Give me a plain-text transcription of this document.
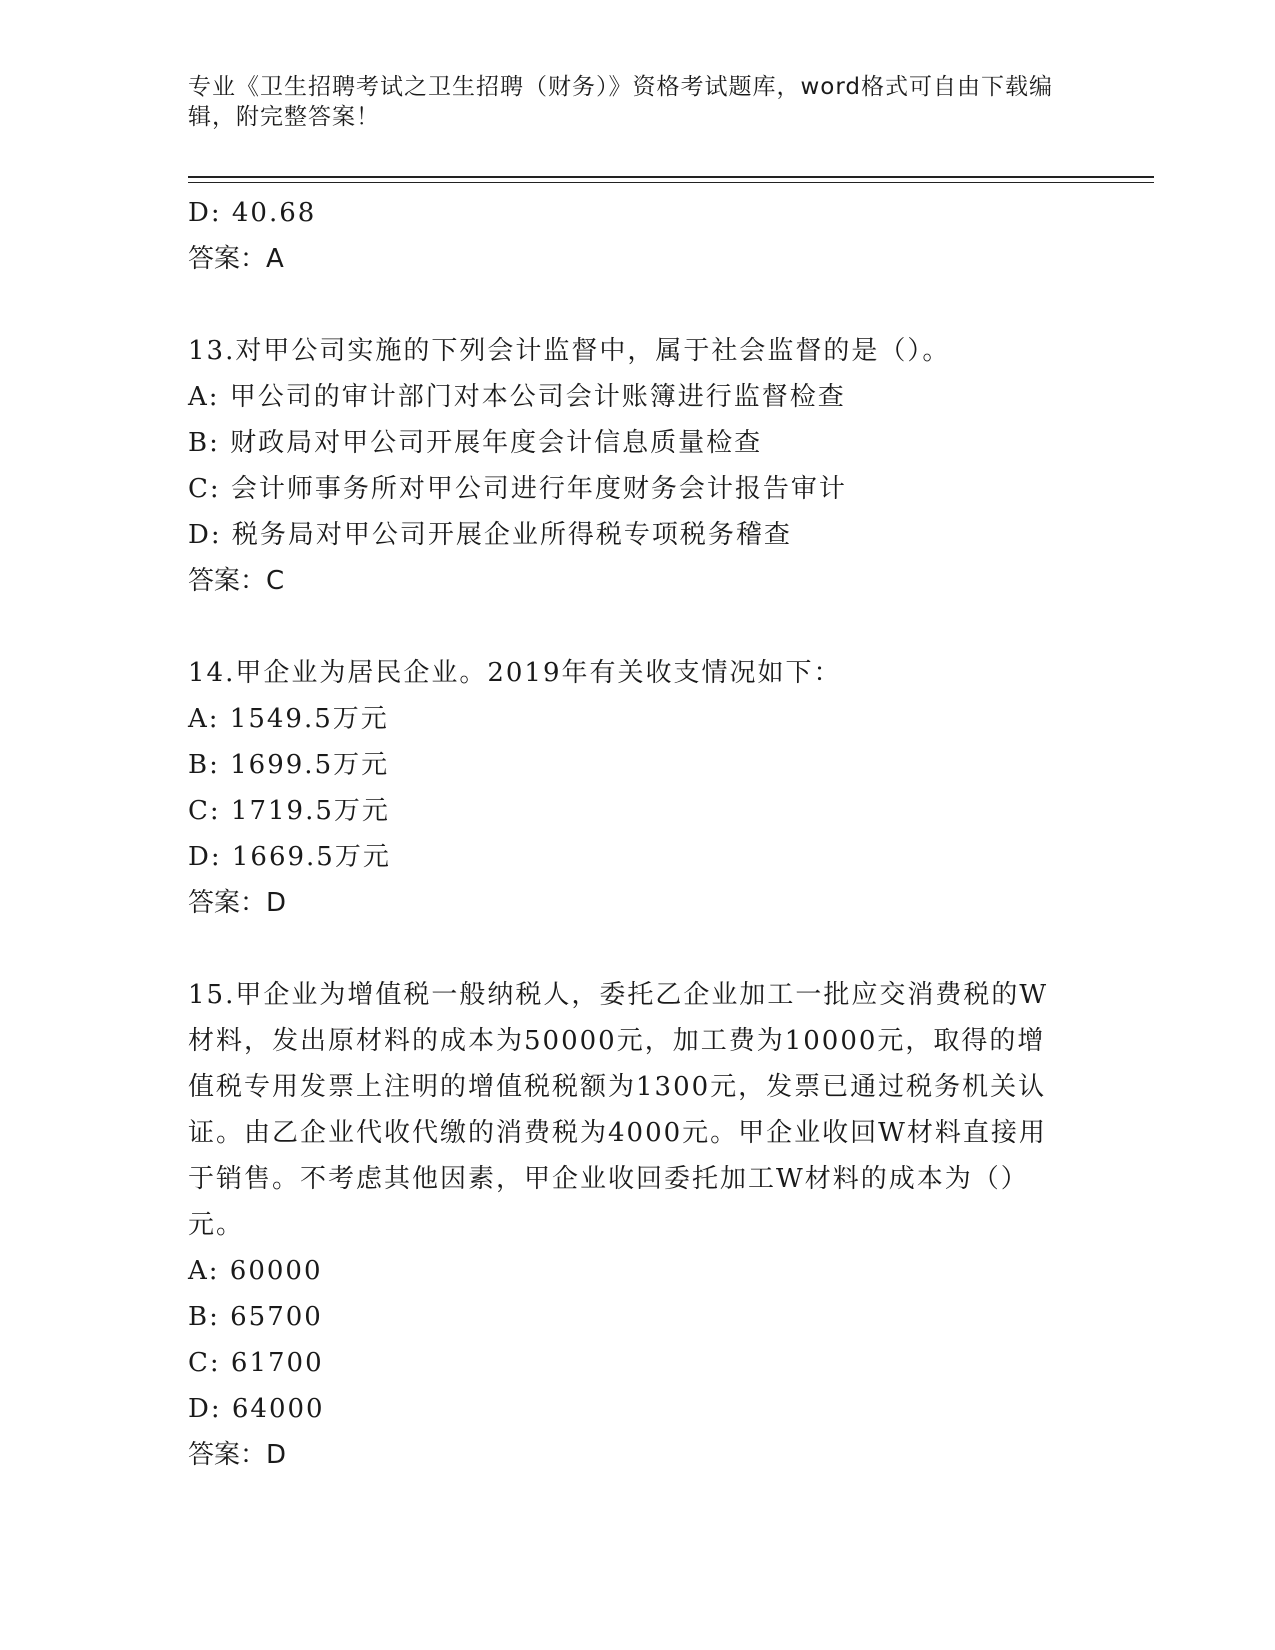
专业《卫生招聘考试之卫生招聘（财务）》资格考试题库，word格式可自由下载编辑，附完整答案！
D: 40.68
答案：A
13.对甲公司实施的下列会计监督中，属于社会监督的是（）。
A: 甲公司的审计部门对本公司会计账簿进行监督检查
B: 财政局对甲公司开展年度会计信息质量检查
C: 会计师事务所对甲公司进行年度财务会计报告审计
D: 税务局对甲公司开展企业所得税专项税务稽查
答案：C
14.甲企业为居民企业。2019年有关收支情况如下：
A: 1549.5万元
B: 1699.5万元
C: 1719.5万元
D: 1669.5万元
答案：D
15.甲企业为增值税一般纳税人，委托乙企业加工一批应交消费税的W材料，发出原材料的成本为50000元，加工费为10000元，取得的增值税专用发票上注明的增值税税额为1300元，发票已通过税务机关认证。由乙企业代收代缴的消费税为4000元。甲企业收回W材料直接用于销售。不考虑其他因素，甲企业收回委托加工W材料的成本为（）元。
A: 60000
B: 65700
C: 61700
D: 64000
答案：D
